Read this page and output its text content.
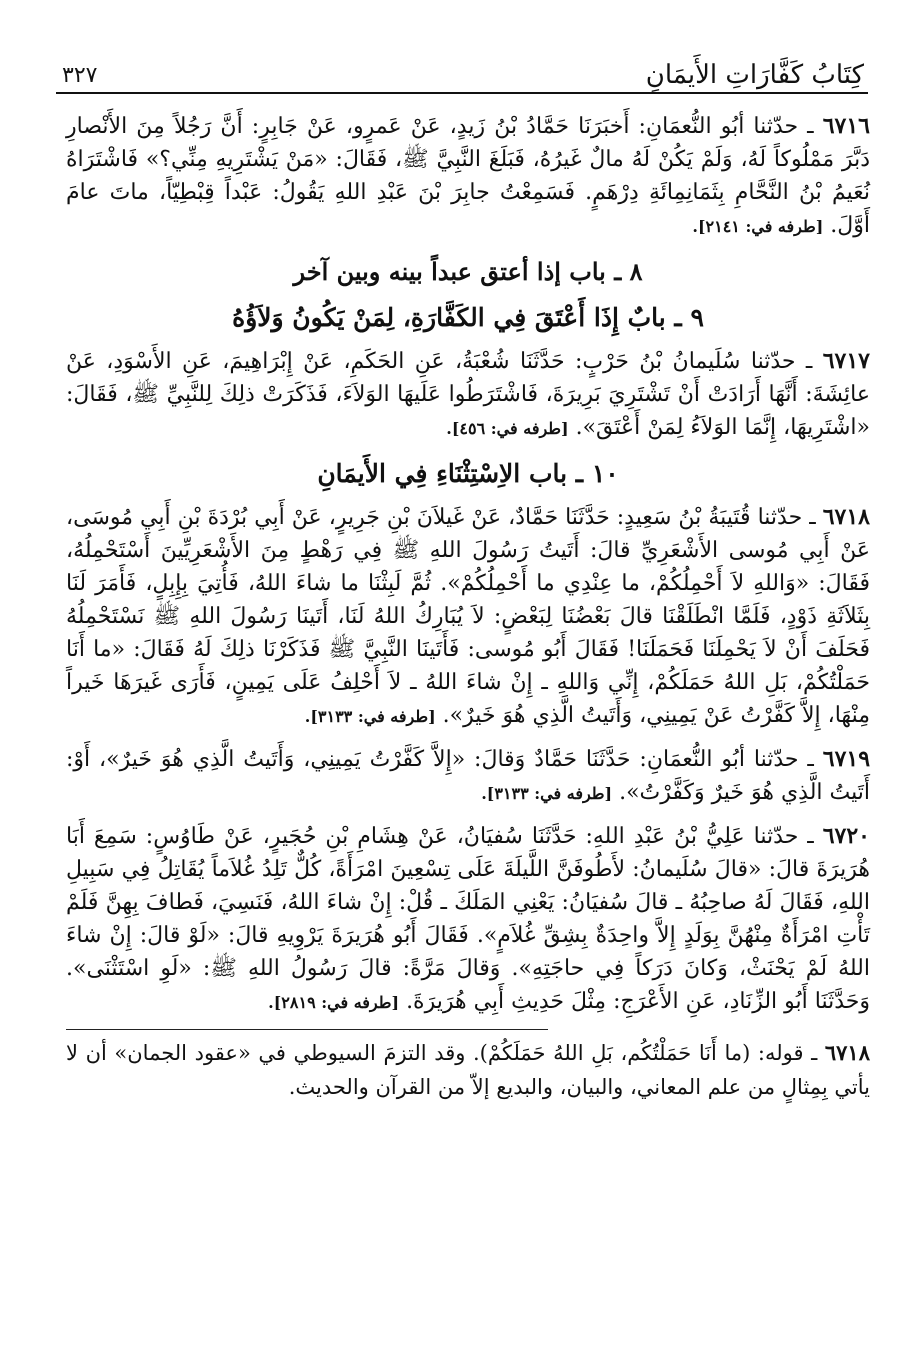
٣٢٧	كِتَابُ كَفَّارَاتِ الأَيمَانِ

٦٧١٦ ـ حدّثنا أبُو النُّعمَانِ: أَخبَرَنَا حَمَّادُ بْنُ زَيدٍ، عَنْ عَمرٍو، عَنْ جَابِرٍ: أَنَّ رَجُلاً مِنَ الأَنْصارِ دَبَّرَ مَمْلُوكاً لَهُ، وَلَمْ يَكُنْ لَهُ مالٌ غَيرُهُ، فَبَلَغَ النَّبِيَّ ﷺ، فَقَالَ: «مَنْ يَشْتَرِيهِ مِنِّي؟» فَاشْتَرَاهُ نُعَيمُ بْنُ النَّحَّامِ بِثَمَانِمِائَةِ دِرْهَمٍ. فَسَمِعْتُ جابِرَ بْنَ عَبْدِ اللهِ يَقُولُ: عَبْداً قِبْطِيّاً، ماتَ عامَ أَوَّلَ. [طرفه في: ٢١٤١].

٨ ـ باب إذا أعتق عبداً بينه وبين آخر
٩ ـ بابٌ إِذَا أَعْتَقَ فِي الكَفَّارَةِ، لِمَنْ يَكُونُ وَلاَؤُهُ

٦٧١٧ ـ حدّثنا سُلَيمانُ بْنُ حَرْبٍ: حَدَّثَنَا شُعْبَةُ، عَنِ الحَكَمِ، عَنْ إِبْرَاهِيمَ، عَنِ الأَسْوَدِ، عَنْ عائِشَةَ: أَنَّهَا أَرَادَتْ أَنْ تَشْتَرِيَ بَرِيرَةَ، فَاشْتَرَطُوا عَلَيهَا الوَلاَءَ، فَذَكَرَتْ ذلِكَ لِلنَّبِيِّ ﷺ، فَقَالَ: «اشْتَرِيهَا، إِنَّمَا الوَلاَءُ لِمَنْ أَعْتَقَ». [طرفه في: ٤٥٦].

١٠ ـ باب الاِسْتِثْنَاءِ فِي الأَيمَانِ

٦٧١٨ ـ حدّثنا قُتَيبَةُ بْنُ سَعِيدٍ: حَدَّثَنَا حَمَّادٌ، عَنْ غَيلاَنَ بْنِ جَرِيرٍ، عَنْ أَبِي بُرْدَةَ بْنِ أَبِي مُوسَى، عَنْ أَبِي مُوسى الأَشْعَرِيِّ قالَ: أَتَيتُ رَسُولَ اللهِ ﷺ فِي رَهْطٍ مِنَ الأَشْعَرِيِّينَ أَسْتَحْمِلُهُ، فَقَالَ: «وَاللهِ لاَ أَحْمِلُكُمْ، ما عِنْدِي ما أَحْمِلُكُمْ». ثُمَّ لَبِثْنَا ما شاءَ اللهُ، فَأُتِيَ بِإِبِلٍ، فَأَمَرَ لَنَا بِثَلاَثَةِ ذَوْدٍ، فَلَمَّا انْطَلَقْنَا قالَ بَعْضُنَا لِبَعْضٍ: لاَ يُبَارِكُ اللهُ لَنَا، أَتَينَا رَسُولَ اللهِ ﷺ نَسْتَحْمِلُهُ فَحَلَفَ أَنْ لاَ يَحْمِلَنَا فَحَمَلَنَا! فَقَالَ أَبُو مُوسى: فَأَتَينَا النَّبِيَّ ﷺ فَذَكَرْنَا ذلِكَ لَهُ فَقَالَ: «ما أَنَا حَمَلْتُكُمْ، بَلِ اللهُ حَمَلَكُمْ، إِنِّي وَاللهِ ـ إِنْ شاءَ اللهُ ـ لاَ أَحْلِفُ عَلَى يَمِينٍ، فَأَرَى غَيرَهَا خَيراً مِنْهَا، إِلاَّ كَفَّرْتُ عَنْ يَمِينِي، وَأَتَيتُ الَّذِي هُوَ خَيرٌ». [طرفه في: ٣١٣٣].

٦٧١٩ ـ حدّثنا أبُو النُّعمَانِ: حَدَّثَنَا حَمَّادٌ وَقالَ: «إِلاَّ كَفَّرْتُ يَمِينِي، وَأَتَيتُ الَّذِي هُوَ خَيرٌ»، أَوْ: أَتَيتُ الَّذِي هُوَ خَيرٌ وَكَفَّرْتُ». [طرفه في: ٣١٣٣].

٦٧٢٠ ـ حدّثنا عَلِيُّ بْنُ عَبْدِ اللهِ: حَدَّثَنَا سُفيَانُ، عَنْ هِشَامِ بْنِ حُجَيرٍ، عَنْ طَاوُسٍ: سَمِعَ أَبَا هُرَيرَةَ قالَ: «قالَ سُلَيمانُ: لأَطُوفَنَّ اللَّيلَةَ عَلَى تِسْعِينَ امْرَأَةً، كُلٌّ تَلِدُ غُلاَماً يُقَاتِلُ فِي سَبِيلِ اللهِ، فَقَالَ لَهُ صاحِبُهُ ـ قالَ سُفيَانُ: يَعْنِي المَلَكَ ـ قُلْ: إِنْ شاءَ اللهُ، فَنَسِيَ، فَطافَ بِهِنَّ فَلَمْ تَأْتِ امْرَأَةٌ مِنْهُنَّ بِوَلَدٍ إِلاَّ واحِدَةٌ بِشِقِّ غُلاَمٍ». فَقَالَ أَبُو هُرَيرَةَ يَرْوِيهِ قالَ: «لَوْ قالَ: إِنْ شاءَ اللهُ لَمْ يَحْنَثْ، وَكانَ دَرَكاً فِي حاجَتِهِ». وَقالَ مَرَّةً: قالَ رَسُولُ اللهِ ﷺ: «لَوِ اسْتَثْنَى». وَحَدَّثَنَا أَبُو الزِّنَادِ، عَنِ الأَعْرَجِ: مِثْلَ حَدِيثِ أَبِي هُرَيرَةَ. [طرفه في: ٢٨١٩].

٦٧١٨ ـ قوله: (ما أَنَا حَمَلْتُكُم، بَلِ اللهُ حَمَلَكُمْ). وقد التزمَ السيوطي في «عقود الجمان» أن لا يأتي بِمِثالٍ من علم المعاني، والبيان، والبديع إلاّ من القرآن والحديث.
